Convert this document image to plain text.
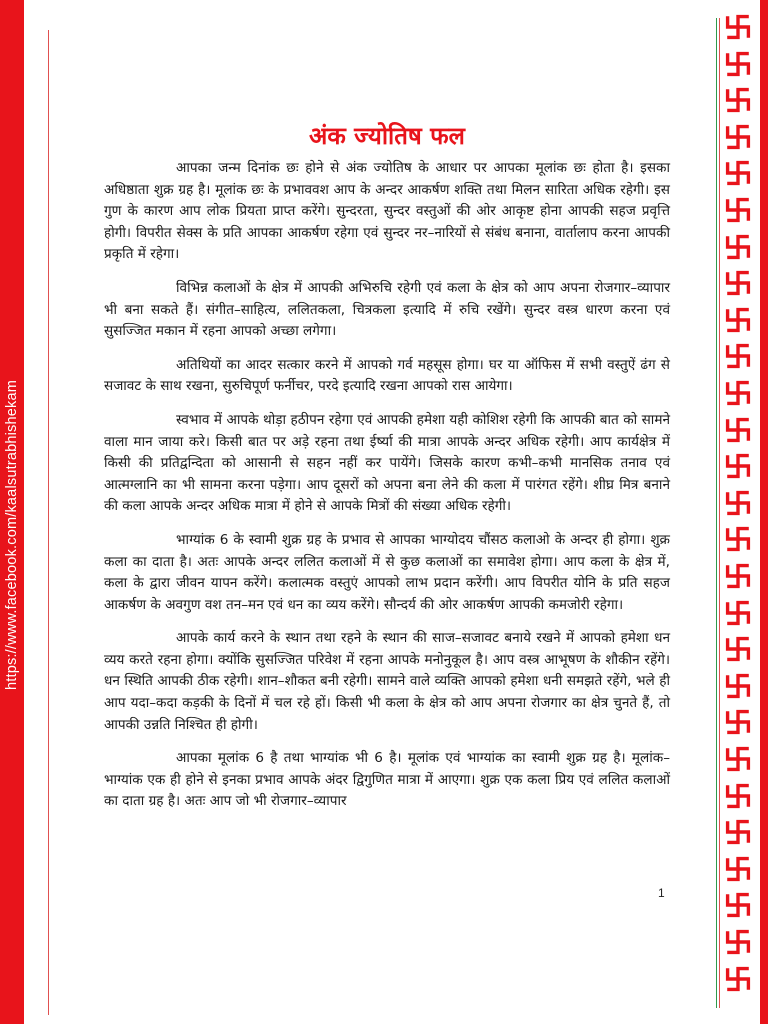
https://www.facebook.com/kaalsutrabhishekam
अंक ज्योतिष फल

आपका जन्म दिनांक छः होने से अंक ज्योतिष के आधार पर आपका मूलांक छः होता है। इसका अधिष्ठाता शुक्र ग्रह है। मूलांक छः के प्रभाववश आप के अन्दर आकर्षण शक्ति तथा मिलन सारिता अधिक रहेगी। इस गुण के कारण आप लोक प्रियता प्राप्त करेंगे। सुन्दरता, सुन्दर वस्तुओं की ओर आकृष्ट होना आपकी सहज प्रवृत्ति होगी। विपरीत सेक्स के प्रति आपका आकर्षण रहेगा एवं सुन्दर नर–नारियों से संबंध बनाना, वार्तालाप करना आपकी प्रकृति में रहेगा।

विभिन्न कलाओं के क्षेत्र में आपकी अभिरुचि रहेगी एवं कला के क्षेत्र को आप अपना रोजगार–व्यापार भी बना सकते हैं। संगीत–साहित्य, ललितकला, चित्रकला इत्यादि में रुचि रखेंगे। सुन्दर वस्त्र धारण करना एवं सुसज्जित मकान में रहना आपको अच्छा लगेगा।

अतिथियों का आदर सत्कार करने में आपको गर्व महसूस होगा। घर या ऑफिस में सभी वस्तुऐं ढंग से सजावट के साथ रखना, सुरुचिपूर्ण फर्नीचर, परदे इत्यादि रखना आपको रास आयेगा।

स्वभाव में आपके थोड़ा हठीपन रहेगा एवं आपकी हमेशा यही कोशिश रहेगी कि आपकी बात को सामने वाला मान जाया करे। किसी बात पर अड़े रहना तथा ईर्ष्या की मात्रा आपके अन्दर अधिक रहेगी। आप कार्यक्षेत्र में किसी की प्रतिद्वन्दिता को आसानी से सहन नहीं कर पायेंगे। जिसके कारण कभी–कभी मानसिक तनाव एवं आत्मग्लानि का भी सामना करना पड़ेगा। आप दूसरों को अपना बना लेने की कला में पारंगत रहेंगे। शीघ्र मित्र बनाने की कला आपके अन्दर अधिक मात्रा में होने से आपके मित्रों की संख्या अधिक रहेगी।

भाग्यांक 6 के स्वामी शुक्र ग्रह के प्रभाव से आपका भाग्योदय चौंसठ कलाओ के अन्दर ही होगा। शुक्र कला का दाता है। अतः आपके अन्दर ललित कलाओं में से कुछ कलाओं का समावेश होगा। आप कला के क्षेत्र में, कला के द्वारा जीवन यापन करेंगे। कलात्मक वस्तुएं आपको लाभ प्रदान करेंगी। आप विपरीत योनि के प्रति सहज आकर्षण के अवगुण वश तन–मन एवं धन का व्यय करेंगे। सौन्दर्य की ओर आकर्षण आपकी कमजोरी रहेगा।

आपके कार्य करने के स्थान तथा रहने के स्थान की साज–सजावट बनाये रखने में आपको हमेशा धन व्यय करते रहना होगा। क्योंकि सुसज्जित परिवेश में रहना आपके मनोनुकूल है। आप वस्त्र आभूषण के शौकीन रहेंगे। धन स्थिति आपकी ठीक रहेगी। शान–शौकत बनी रहेगी। सामने वाले व्यक्ति आपको हमेशा धनी समझते रहेंगे, भले ही आप यदा–कदा कड़की के दिनों में चल रहे हों। किसी भी कला के क्षेत्र को आप अपना रोजगार का क्षेत्र चुनते हैं, तो आपकी उन्नति निश्चित ही होगी।

आपका मूलांक 6 है तथा भाग्यांक भी 6 है। मूलांक एवं भाग्यांक का स्वामी शुक्र ग्रह है। मूलांक–भाग्यांक एक ही होने से इनका प्रभाव आपके अंदर द्विगुणित मात्रा में आएगा। शुक्र एक कला प्रिय एवं ललित कलाओं का दाता ग्रह है। अतः आप जो भी रोजगार–व्यापार

1
